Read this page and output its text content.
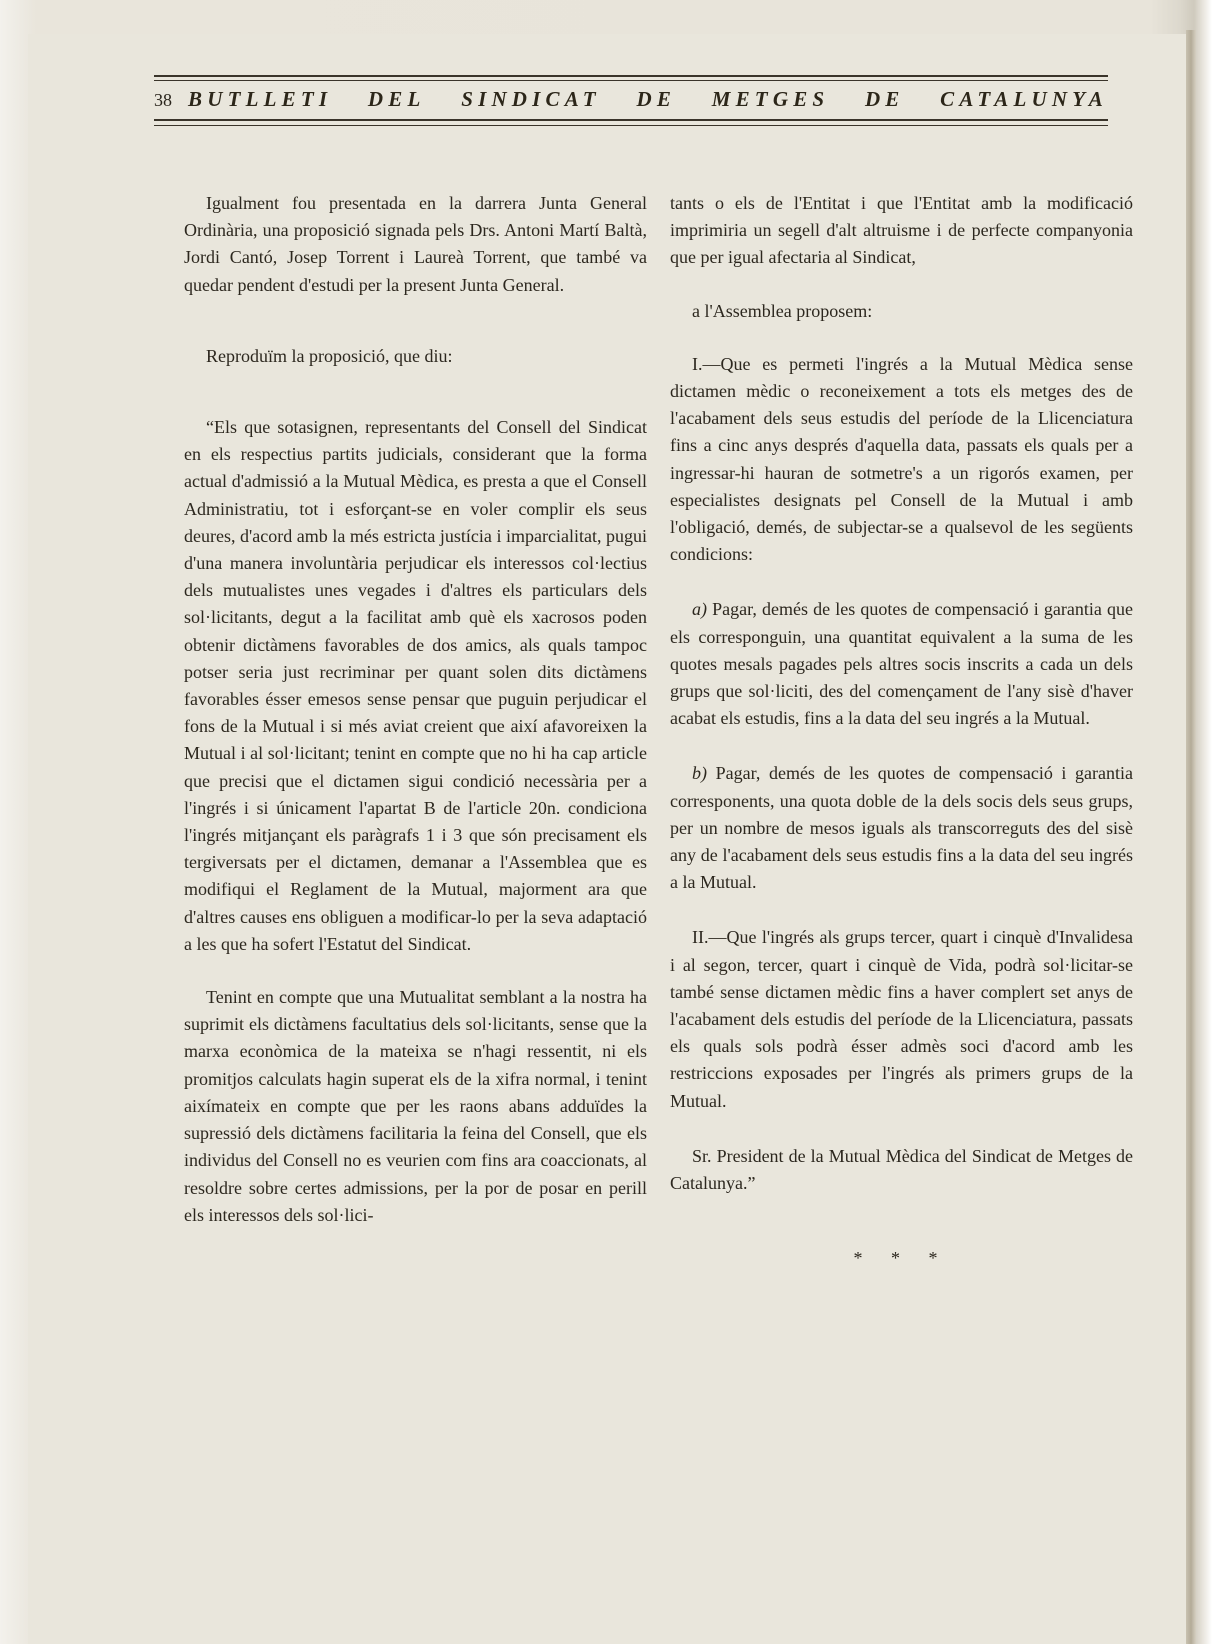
38 BUTLLETI DEL SINDICAT DE METGES DE CATALUNYA

Igualment fou presentada en la darrera Junta General Ordinària, una proposició signada pels Drs. Antoni Martí Baltà, Jordi Cantó, Josep Torrent i Laureà Torrent, que també va quedar pendent d'estudi per la present Junta General.

Reproduïm la proposició, que diu:

“Els que sotasignen, representants del Consell del Sindicat en els respectius partits judicials, considerant que la forma actual d'admissió a la Mutual Mèdica, es presta a que el Consell Administratiu, tot i esforçant-se en voler complir els seus deures, d'acord amb la més estricta justícia i imparcialitat, pugui d'una manera involuntària perjudicar els interessos col·lectius dels mutualistes unes vegades i d'altres els particulars dels sol·licitants, degut a la facilitat amb què els xacrosos poden obtenir dictàmens favorables de dos amics, als quals tampoc potser seria just recriminar per quant solen dits dictàmens favorables ésser emesos sense pensar que puguin perjudicar el fons de la Mutual i si més aviat creient que així afavoreixen la Mutual i al sol·licitant; tenint en compte que no hi ha cap article que precisi que el dictamen sigui condició necessària per a l'ingrés i si únicament l'apartat B de l'article 20n. condiciona l'ingrés mitjançant els paràgrafs 1 i 3 que són precisament els tergiversats per el dictamen, demanar a l'Assemblea que es modifiqui el Reglament de la Mutual, majorment ara que d'altres causes ens obliguen a modificar-lo per la seva adaptació a les que ha sofert l'Estatut del Sindicat.

Tenint en compte que una Mutualitat semblant a la nostra ha suprimit els dictàmens facultatius dels sol·licitants, sense que la marxa econòmica de la mateixa se n'hagi ressentit, ni els promitjos calculats hagin superat els de la xifra normal, i tenint aixímateix en compte que per les raons abans adduïdes la supressió dels dictàmens facilitaria la feina del Consell, que els individus del Consell no es veurien com fins ara coaccionats, al resoldre sobre certes admissions, per la por de posar en perill els interessos dels sol·lici-

tants o els de l'Entitat i que l'Entitat amb la modificació imprimiria un segell d'alt altruisme i de perfecte companyonia que per igual afectaria al Sindicat,

a l'Assemblea proposem:

I.—Que es permeti l'ingrés a la Mutual Mèdica sense dictamen mèdic o reconeixement a tots els metges des de l'acabament dels seus estudis del període de la Llicenciatura fins a cinc anys després d'aquella data, passats els quals per a ingressar-hi hauran de sotmetre's a un rigorós examen, per especialistes designats pel Consell de la Mutual i amb l'obligació, demés, de subjectar-se a qualsevol de les següents condicions:

a) Pagar, demés de les quotes de compensació i garantia que els corresponguin, una quantitat equivalent a la suma de les quotes mesals pagades pels altres socis inscrits a cada un dels grups que sol·liciti, des del començament de l'any sisè d'haver acabat els estudis, fins a la data del seu ingrés a la Mutual.

b) Pagar, demés de les quotes de compensació i garantia corresponents, una quota doble de la dels socis dels seus grups, per un nombre de mesos iguals als transcorreguts des del sisè any de l'acabament dels seus estudis fins a la data del seu ingrés a la Mutual.

II.—Que l'ingrés als grups tercer, quart i cinquè d'Invalidesa i al segon, tercer, quart i cinquè de Vida, podrà sol·licitar-se també sense dictamen mèdic fins a haver complert set anys de l'acabament dels estudis del període de la Llicenciatura, passats els quals sols podrà ésser admès soci d'acord amb les restriccions exposades per l'ingrés als primers grups de la Mutual.

Sr. President de la Mutual Mèdica del Sindicat de Metges de Catalunya.”

* * *
